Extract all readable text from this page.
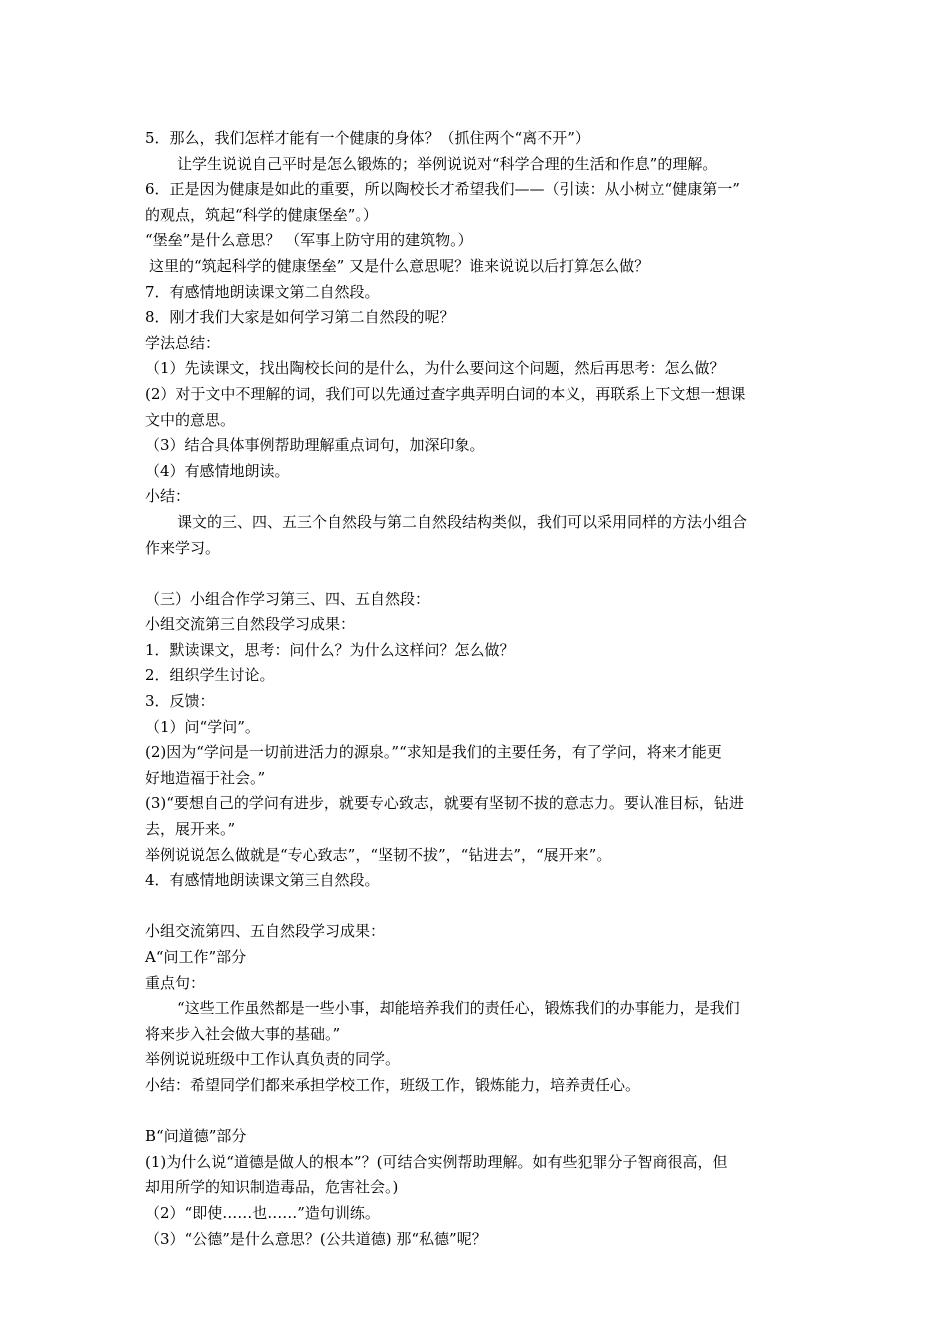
5．那么，我们怎样才能有一个健康的身体？（抓住两个“离不开”）
让学生说说自己平时是怎么锻炼的；举例说说对“科学合理的生活和作息”的理解。
6．正是因为健康是如此的重要，所以陶校长才希望我们——（引读：从小树立“健康第一”
的观点，筑起“科学的健康堡垒”。）
“堡垒”是什么意思？ （军事上防守用的建筑物。）
这里的“筑起科学的健康堡垒” 又是什么意思呢？谁来说说以后打算怎么做？
7．有感情地朗读课文第二自然段。
8．刚才我们大家是如何学习第二自然段的呢？
学法总结：
（1）先读课文，找出陶校长问的是什么，为什么要问这个问题，然后再思考：怎么做？
(2）对于文中不理解的词，我们可以先通过查字典弄明白词的本义，再联系上下文想一想课
文中的意思。
（3）结合具体事例帮助理解重点词句，加深印象。
（4）有感情地朗读。
小结：
课文的三、四、五三个自然段与第二自然段结构类似，我们可以采用同样的方法小组合
作来学习。
（三）小组合作学习第三、四、五自然段：
小组交流第三自然段学习成果：
1．默读课文，思考：问什么？为什么这样问？怎么做？
2．组织学生讨论。
3．反馈：
（1）问“学问”。
(2)因为“学问是一切前进活力的源泉。”“求知是我们的主要任务，有了学问，将来才能更
好地造福于社会。”
(3)“要想自己的学问有进步，就要专心致志，就要有坚韧不拔的意志力。要认准目标，钻进
去，展开来。”
举例说说怎么做就是“专心致志”，“坚韧不拔”，“钻进去”，“展开来”。
4．有感情地朗读课文第三自然段。
小组交流第四、五自然段学习成果：
A“问工作”部分
重点句：
“这些工作虽然都是一些小事，却能培养我们的责任心，锻炼我们的办事能力，是我们
将来步入社会做大事的基础。”
举例说说班级中工作认真负责的同学。
小结：希望同学们都来承担学校工作，班级工作，锻炼能力，培养责任心。
B“问道德”部分
(1)为什么说“道德是做人的根本”？(可结合实例帮助理解。如有些犯罪分子智商很高，但
却用所学的知识制造毒品，危害社会。)
（2）“即使……也……”造句训练。
（3）“公德”是什么意思？(公共道德) 那“私德”呢？
